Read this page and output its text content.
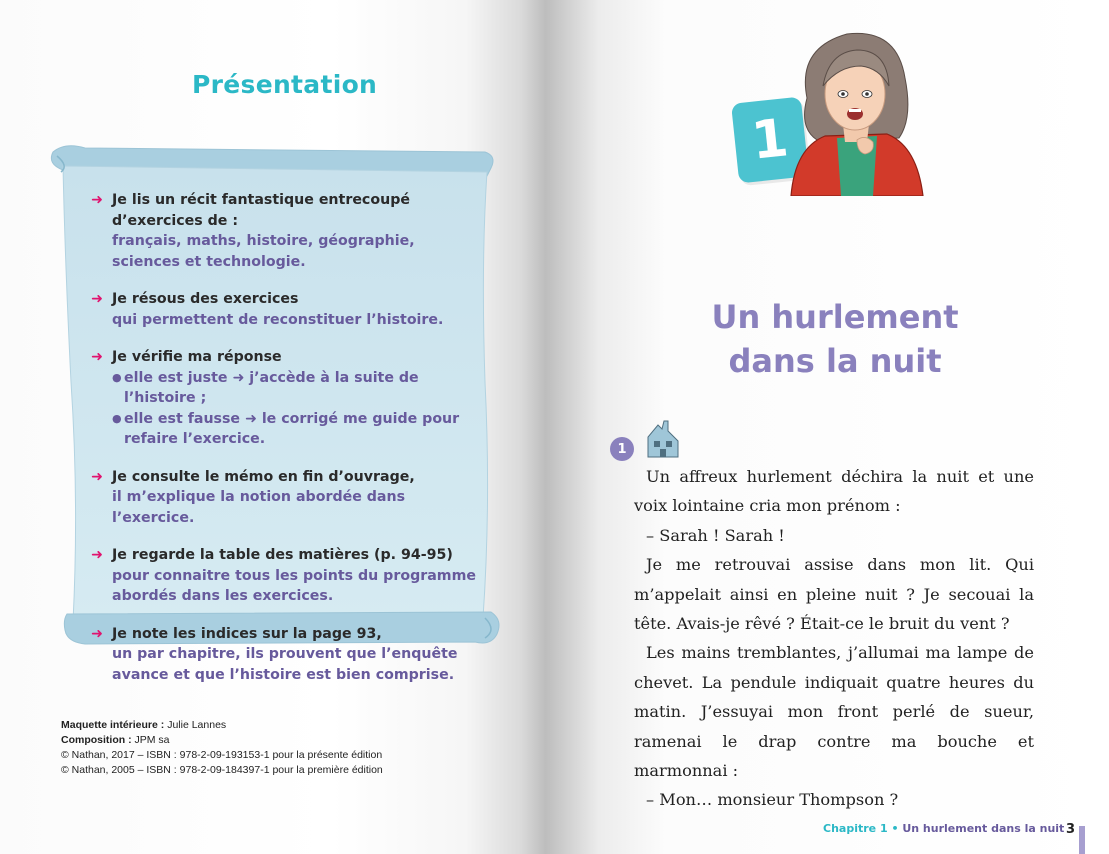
Présentation
➜ Je lis un récit fantastique entrecoupé d’exercices de :
français, maths, histoire, géographie, sciences et technologie.
➜ Je résous des exercices
qui permettent de reconstituer l’histoire.
➜ Je vérifie ma réponse
● elle est juste ➜ j’accède à la suite de l’histoire ;
● elle est fausse ➜ le corrigé me guide pour refaire l’exercice.
➜ Je consulte le mémo en fin d’ouvrage,
il m’explique la notion abordée dans l’exercice.
➜ Je regarde la table des matières (p. 94-95)
pour connaitre tous les points du programme abordés dans les exercices.
➜ Je note les indices sur la page 93,
un par chapitre, ils prouvent que l’enquête avance et que l’histoire est bien comprise.
Maquette intérieure : Julie Lannes
Composition : JPM sa
© Nathan, 2017 – ISBN : 978-2-09-193153-1 pour la présente édition
© Nathan, 2005 – ISBN : 978-2-09-184397-1 pour la première édition
1
Un hurlement
dans la nuit
1

Un affreux hurlement déchira la nuit et une voix lointaine cria mon prénom :

– Sarah ! Sarah !

Je me retrouvai assise dans mon lit. Qui m’appelait ainsi en pleine nuit ? Je secouai la tête. Avais-je rêvé ? Était-ce le bruit du vent ?

Les mains tremblantes, j’allumai ma lampe de chevet. La pendule indiquait quatre heures du matin. J’essuyai mon front perlé de sueur, ramenai le drap contre ma bouche et marmonnai :

– Mon… monsieur Thompson ?

Chapitre 1 • Un hurlement dans la nuit 3
